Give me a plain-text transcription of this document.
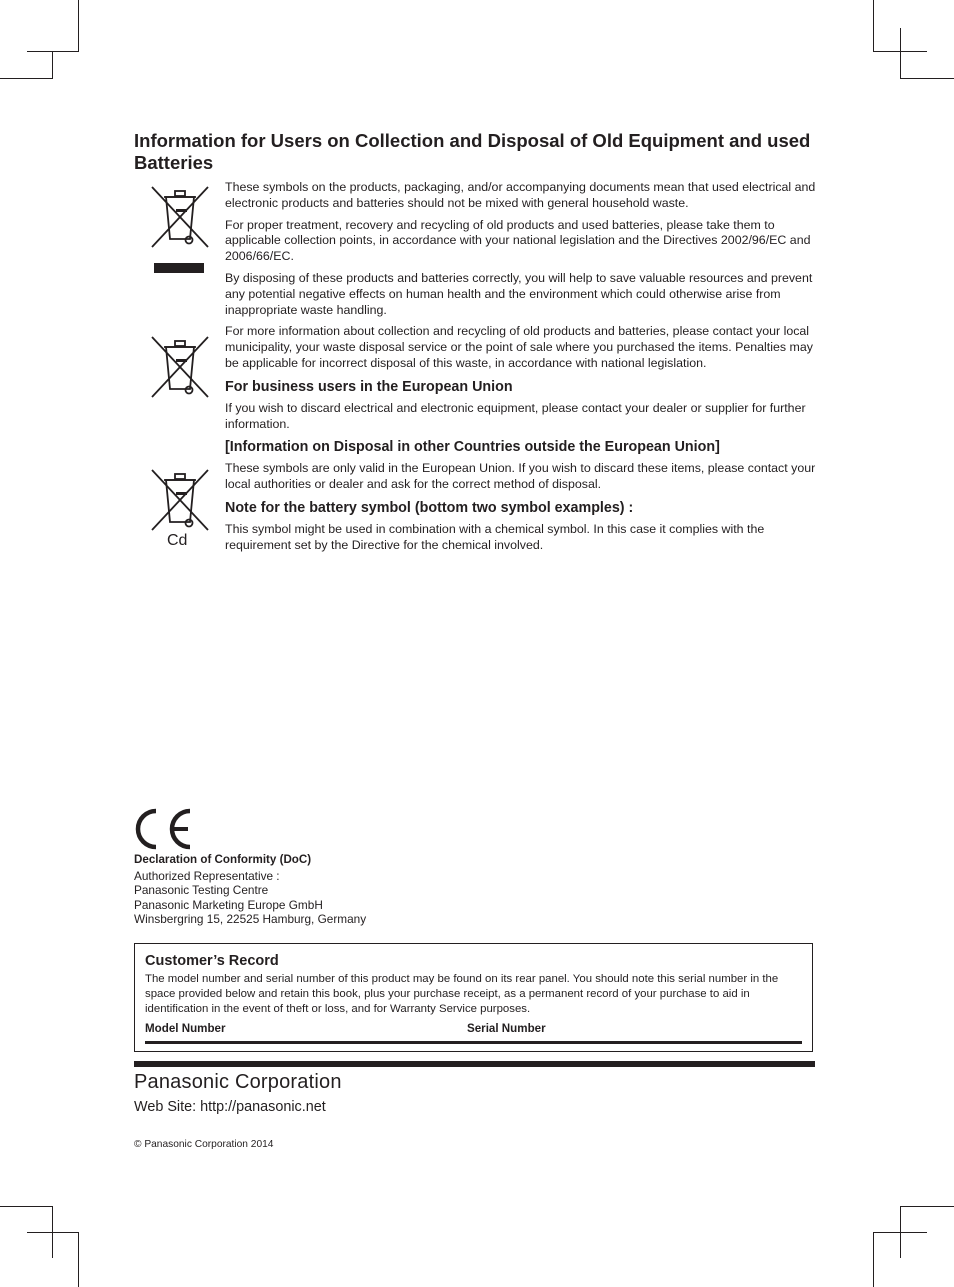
Information for Users on Collection and Disposal of Old Equipment and used Batteries
Cd

These symbols on the products, packaging, and/or accompanying documents mean that used electrical and electronic products and batteries should not be mixed with general household waste.

For proper treatment, recovery and recycling of old products and used batteries, please take them to applicable collection points, in accordance with your national legislation and the Directives 2002/96/EC and 2006/66/EC.

By disposing of these products and batteries correctly, you will help to save valuable resources and prevent any potential negative effects on human health and the environment which could otherwise arise from inappropriate waste handling.

For more information about collection and recycling of old products and batteries, please contact your local municipality, your waste disposal service or the point of sale where you purchased the items. Penalties may be applicable for incorrect disposal of this waste, in accordance with national legislation.

For business users in the European Union

If you wish to discard electrical and electronic equipment, please contact your dealer or supplier for further information.

[Information on Disposal in other Countries outside the European Union]

These symbols are only valid in the European Union. If you wish to discard these items, please contact your local authorities or dealer and ask for the correct method of disposal.

Note for the battery symbol (bottom two symbol examples) :

This symbol might be used in combination with a chemical symbol. In this case it complies with the requirement set by the Directive for the chemical involved.

Declaration of Conformity (DoC)
Authorized Representative :
Panasonic Testing Centre
Panasonic Marketing Europe GmbH
Winsbergring 15, 22525 Hamburg, Germany
Customer’s Record
The model number and serial number of this product may be found on its rear panel. You should note this serial number in the space provided below and retain this book, plus your purchase receipt, as a permanent record of your purchase to aid in identification in the event of theft or loss, and for Warranty Service purposes.
Model Number	Serial Number
Panasonic Corporation
Web Site: http://panasonic.net
© Panasonic Corporation 2014
